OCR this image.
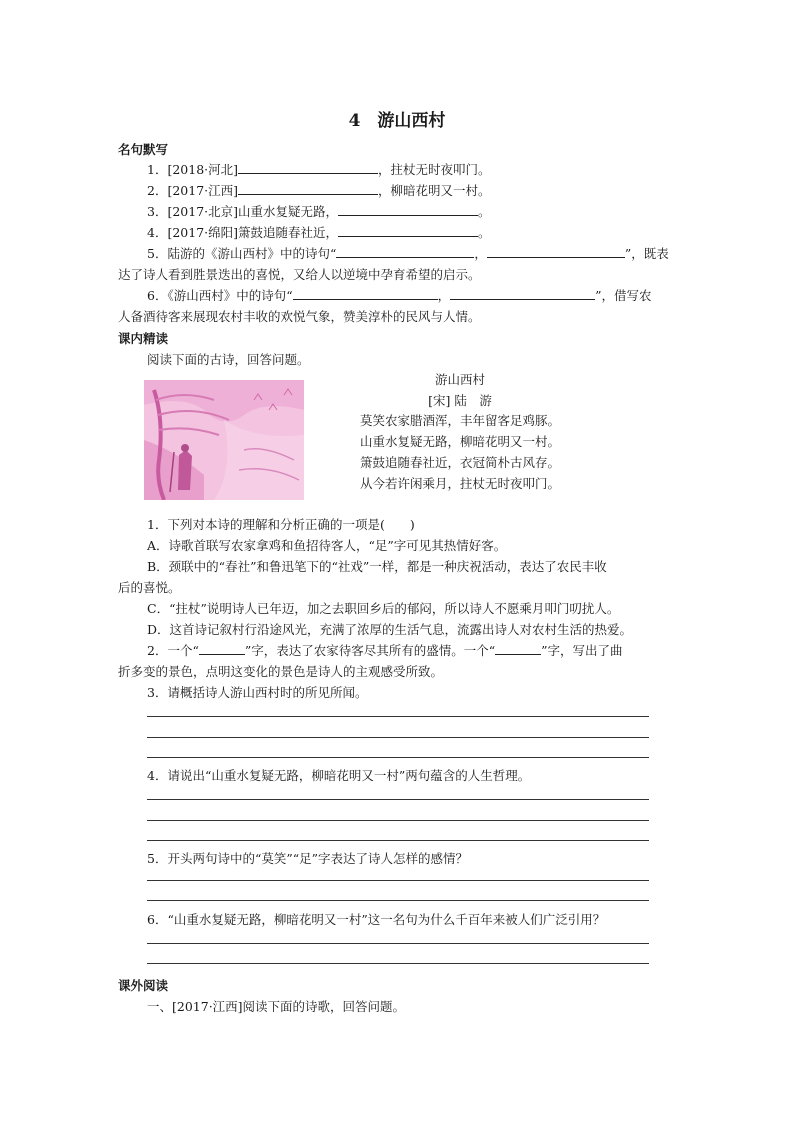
4　游山西村
名句默写
1．[2018·河北]	，拄杖无时夜叩门。
2．[2017·江西]	，柳暗花明又一村。
3．[2017·北京]山重水复疑无路，	。
4．[2017·绵阳]箫鼓追随春社近，	。
5．陆游的《游山西村》中的诗句“	，	”，既表
达了诗人看到胜景迭出的喜悦，又给人以逆境中孕育希望的启示。
6．《游山西村》中的诗句“	，	”，借写农
人备酒待客来展现农村丰收的欢悦气象，赞美淳朴的民风与人情。
课内精读
阅读下面的古诗，回答问题。
游山西村
[宋] 陆　游
莫笑农家腊酒浑，丰年留客足鸡豚。
山重水复疑无路，柳暗花明又一村。
箫鼓追随春社近，衣冠简朴古风存。
从今若许闲乘月，拄杖无时夜叩门。
1．下列对本诗的理解和分析正确的一项是(　　)
A．诗歌首联写农家拿鸡和鱼招待客人，“足”字可见其热情好客。
B．颈联中的“春社”和鲁迅笔下的“社戏”一样，都是一种庆祝活动，表达了农民丰收
后的喜悦。
C．“拄杖”说明诗人已年迈，加之去职回乡后的郁闷，所以诗人不愿乘月叩门叨扰人。
D．这首诗记叙村行沿途风光，充满了浓厚的生活气息，流露出诗人对农村生活的热爱。
2．一个“	”字，表达了农家待客尽其所有的盛情。一个“	”字，写出了曲
折多变的景色，点明这变化的景色是诗人的主观感受所致。
3．请概括诗人游山西村时的所见所闻。
4．请说出“山重水复疑无路，柳暗花明又一村”两句蕴含的人生哲理。
5．开头两句诗中的“莫笑”“足”字表达了诗人怎样的感情？
6．“山重水复疑无路，柳暗花明又一村”这一名句为什么千百年来被人们广泛引用？
课外阅读
一、[2017·江西]阅读下面的诗歌，回答问题。
